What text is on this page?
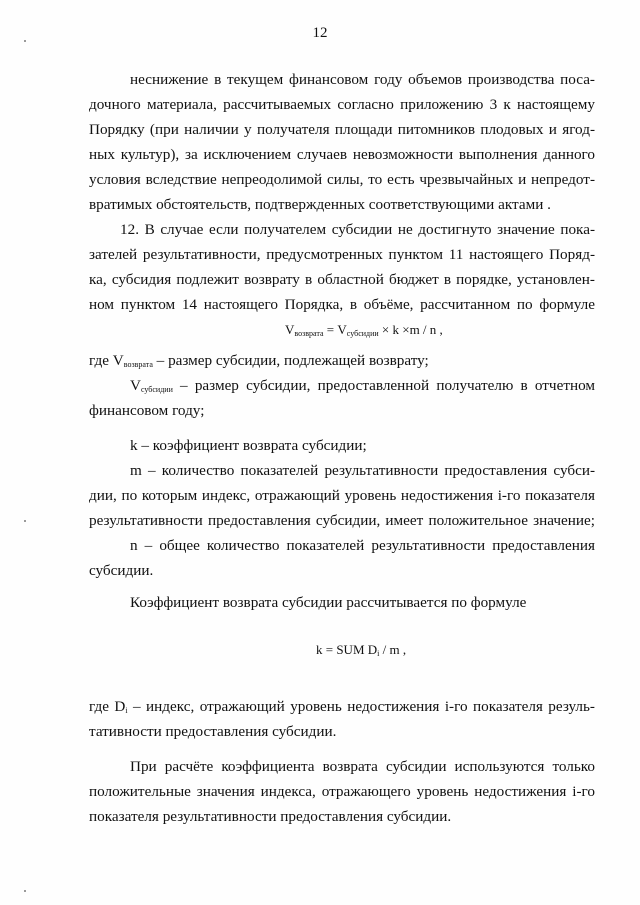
12
неснижение в текущем финансовом году объемов производства поса-
дочного материала, рассчитываемых согласно приложению 3 к настоящему
Порядку (при наличии у получателя площади питомников плодовых и ягод-
ных культур), за исключением случаев невозможности выполнения данного
условия вследствие непреодолимой силы, то есть чрезвычайных и непредот-
вратимых обстоятельств, подтвержденных соответствующими актами .
12. В случае если получателем субсидии не достигнуто значение пока-
зателей результативности, предусмотренных пунктом 11 настоящего Поряд-
ка, субсидия подлежит возврату в областной бюджет в порядке, установлен-
ном пунктом 14 настоящего Порядка, в объёме, рассчитанном по формуле
Vвозврата = Vсубсидии × k ×m / n ,
где Vвозврата – размер субсидии, подлежащей возврату;
Vсубсидии – размер субсидии, предоставленной получателю в отчетном
финансовом году;
k – коэффициент возврата субсидии;
m – количество показателей результативности предоставления субси-
дии, по которым индекс, отражающий уровень недостижения i-го показателя
результативности предоставления субсидии, имеет положительное значение;
n – общее количество показателей результативности предоставления
субсидии.
Коэффициент возврата субсидии рассчитывается по формуле
k = SUM Di / m ,
где Di – индекс, отражающий уровень недостижения i-го показателя резуль-
тативности предоставления субсидии.
При расчёте коэффициента возврата субсидии используются только
положительные значения индекса, отражающего уровень недостижения i-го
показателя результативности предоставления субсидии.
